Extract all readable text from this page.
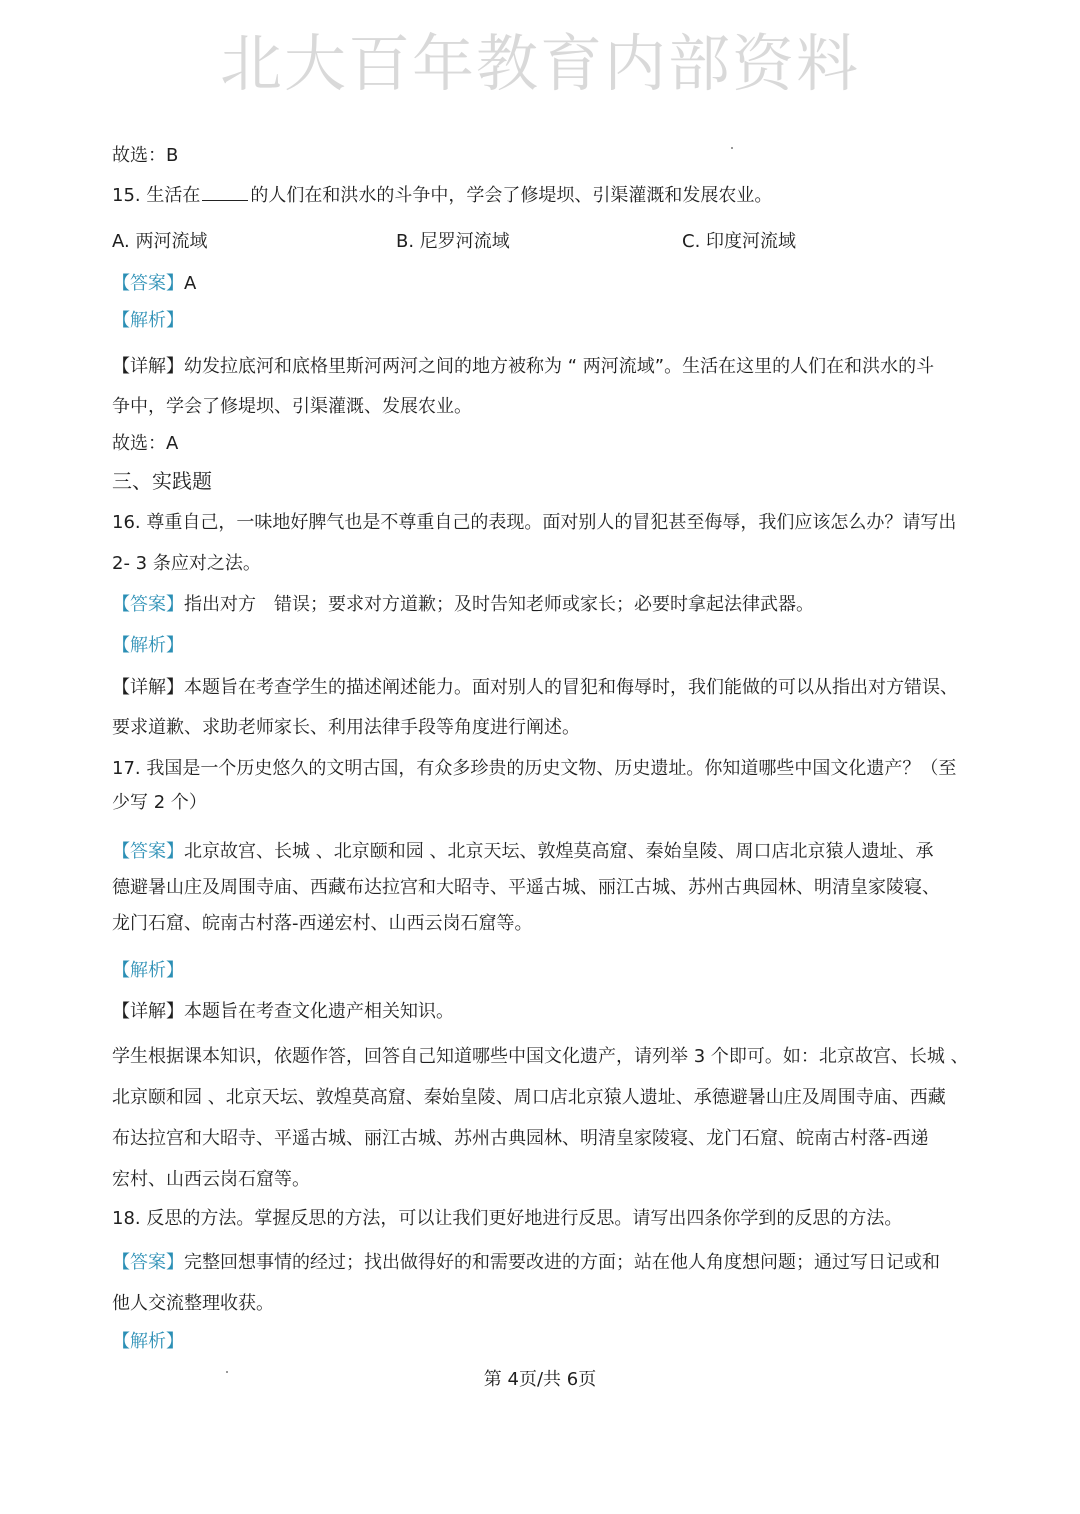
北大百年教育内部资料
故选：B
15. 生活在	的人们在和洪水的斗争中，学会了修堤坝、引渠灌溉和发展农业。
A. 两河流域	B. 尼罗河流域	C. 印度河流域
【答案】A
【解析】
【详解】幼发拉底河和底格里斯河两河之间的地方被称为 “ 两河流域”。生活在这里的人们在和洪水的斗
争中，学会了修堤坝、引渠灌溉、发展农业。
故选：A
三、实践题
16. 尊重自己，一味地好脾气也是不尊重自己的表现。面对别人的冒犯甚至侮辱，我们应该怎么办？请写出
2- 3 条应对之法。
【答案】指出对方　错误；要求对方道歉；及时告知老师或家长；必要时拿起法律武器。
【解析】
【详解】本题旨在考查学生的描述阐述能力。面对别人的冒犯和侮辱时，我们能做的可以从指出对方错误、
要求道歉、求助老师家长、利用法律手段等角度进行阐述。
17. 我国是一个历史悠久的文明古国，有众多珍贵的历史文物、历史遗址。你知道哪些中国文化遗产？（至
少写 2 个）
【答案】北京故宫、长城 、北京颐和园 、北京天坛、敦煌莫高窟、秦始皇陵、周口店北京猿人遗址、承
德避暑山庄及周围寺庙、西藏布达拉宫和大昭寺、平遥古城、丽江古城、苏州古典园林、明清皇家陵寝、
龙门石窟、皖南古村落-西递宏村、山西云岗石窟等。
【解析】
【详解】本题旨在考查文化遗产相关知识。
学生根据课本知识，依题作答，回答自己知道哪些中国文化遗产，请列举 3 个即可。如：北京故宫、长城 、
北京颐和园 、北京天坛、敦煌莫高窟、秦始皇陵、周口店北京猿人遗址、承德避暑山庄及周围寺庙、西藏
布达拉宫和大昭寺、平遥古城、丽江古城、苏州古典园林、明清皇家陵寝、龙门石窟、皖南古村落-西递
宏村、山西云岗石窟等。
18. 反思的方法。掌握反思的方法，可以让我们更好地进行反思。请写出四条你学到的反思的方法。
【答案】完整回想事情的经过；找出做得好的和需要改进的方面；站在他人角度想问题；通过写日记或和
他人交流整理收获。
【解析】
第 4页/共 6页
